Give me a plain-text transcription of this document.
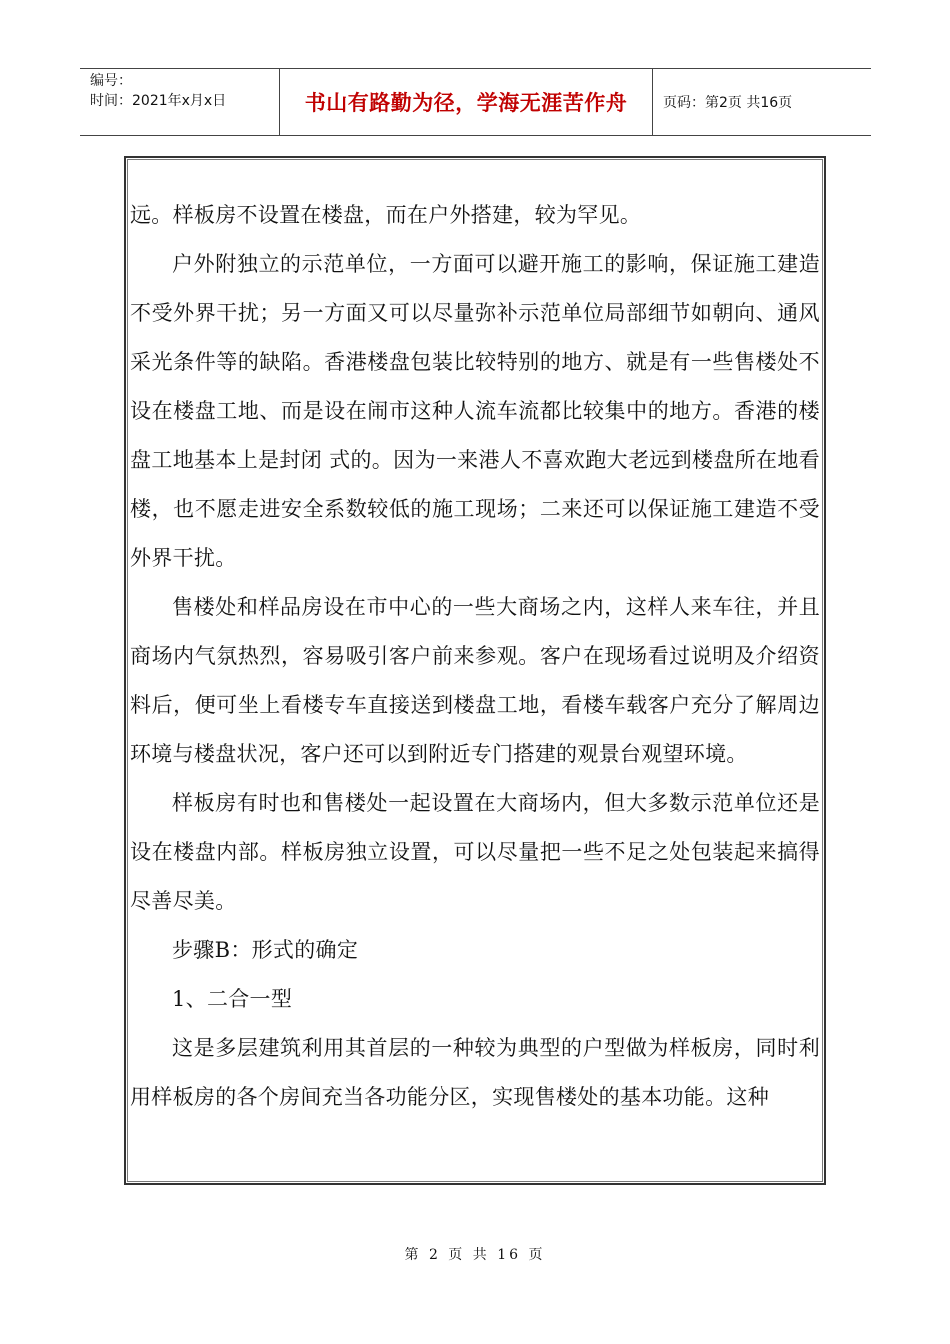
编号：
时间：2021年x月x日	书山有路勤为径，学海无涯苦作舟	页码：第2页 共16页

远。样板房不设置在楼盘，而在户外搭建，较为罕见。

户外附独立的示范单位，一方面可以避开施工的影响，保证施工建造不受外界干扰；另一方面又可以尽量弥补示范单位局部细节如朝向、通风采光条件等的缺陷。香港楼盘包装比较特别的地方、就是有一些售楼处不设在楼盘工地、而是设在闹市这种人流车流都比较集中的地方。香港的楼盘工地基本上是封闭 式的。因为一来港人不喜欢跑大老远到楼盘所在地看楼，也不愿走进安全系数较低的施工现场；二来还可以保证施工建造不受外界干扰。

售楼处和样品房设在市中心的一些大商场之内，这样人来车往，并且商场内气氛热烈，容易吸引客户前来参观。客户在现场看过说明及介绍资料后，便可坐上看楼专车直接送到楼盘工地，看楼车载客户充分了解周边环境与楼盘状况，客户还可以到附近专门搭建的观景台观望环境。

样板房有时也和售楼处一起设置在大商场内，但大多数示范单位还是设在楼盘内部。样板房独立设置，可以尽量把一些不足之处包装起来搞得尽善尽美。

步骤B：形式的确定

1、二合一型

这是多层建筑利用其首层的一种较为典型的户型做为样板房，同时利用样板房的各个房间充当各功能分区，实现售楼处的基本功能。这种

第 2 页 共 16 页
